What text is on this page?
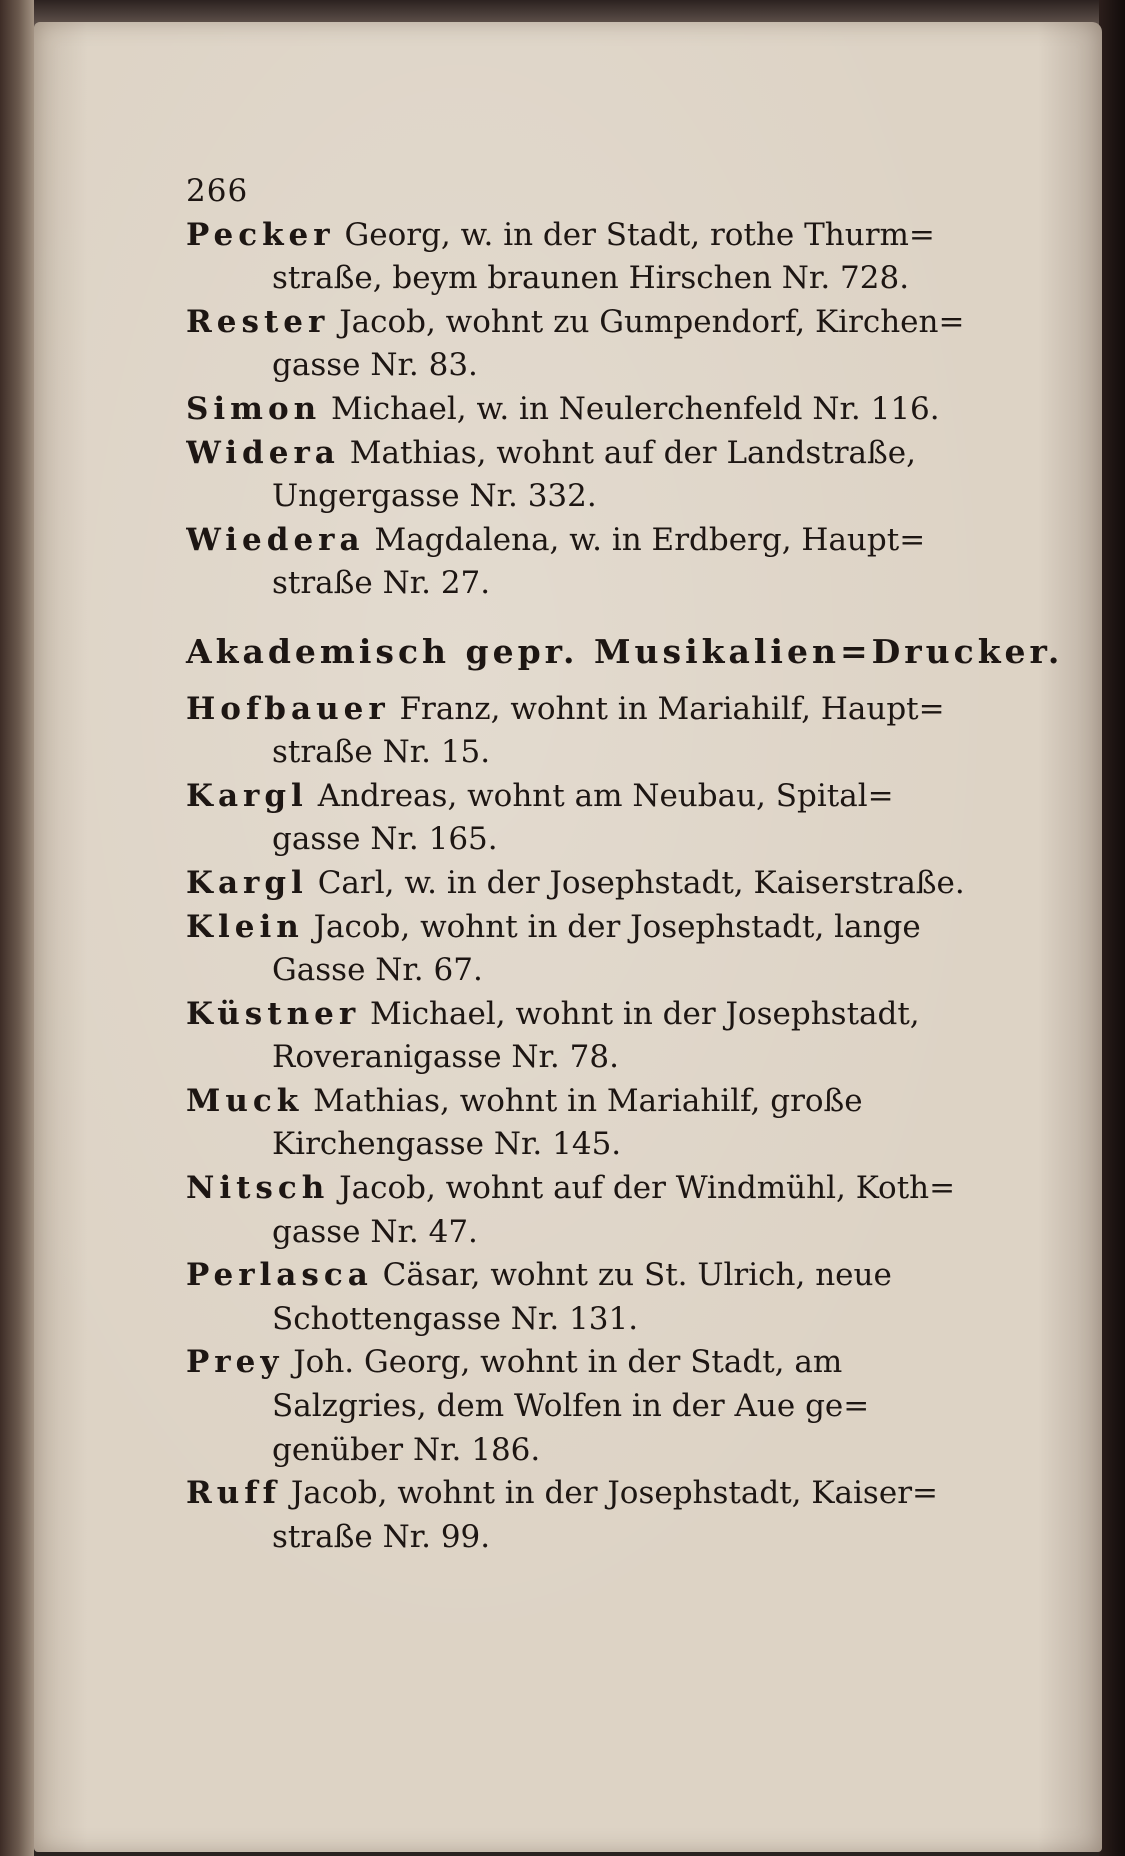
266
Pecker Georg, w. in der Stadt, rothe Thurm=
straße, beym braunen Hirschen Nr. 728.
Rester Jacob, wohnt zu Gumpendorf, Kirchen=
gasse Nr. 83.
Simon Michael, w. in Neulerchenfeld Nr. 116.
Widera Mathias, wohnt auf der Landstraße,
Ungergasse Nr. 332.
Wiedera Magdalena, w. in Erdberg, Haupt=
straße Nr. 27.
Akademisch gepr. Musikalien=Drucker.
Hofbauer Franz, wohnt in Mariahilf, Haupt=
straße Nr. 15.
Kargl Andreas, wohnt am Neubau, Spital=
gasse Nr. 165.
Kargl Carl, w. in der Josephstadt, Kaiserstraße.
Klein Jacob, wohnt in der Josephstadt, lange
Gasse Nr. 67.
Küstner Michael, wohnt in der Josephstadt,
Roveranigasse Nr. 78.
Muck Mathias, wohnt in Mariahilf, große
Kirchengasse Nr. 145.
Nitsch Jacob, wohnt auf der Windmühl, Koth=
gasse Nr. 47.
Perlasca Cäsar, wohnt zu St. Ulrich, neue
Schottengasse Nr. 131.
Prey Joh. Georg, wohnt in der Stadt, am
Salzgries, dem Wolfen in der Aue ge=
genüber Nr. 186.
Ruff Jacob, wohnt in der Josephstadt, Kaiser=
straße Nr. 99.
